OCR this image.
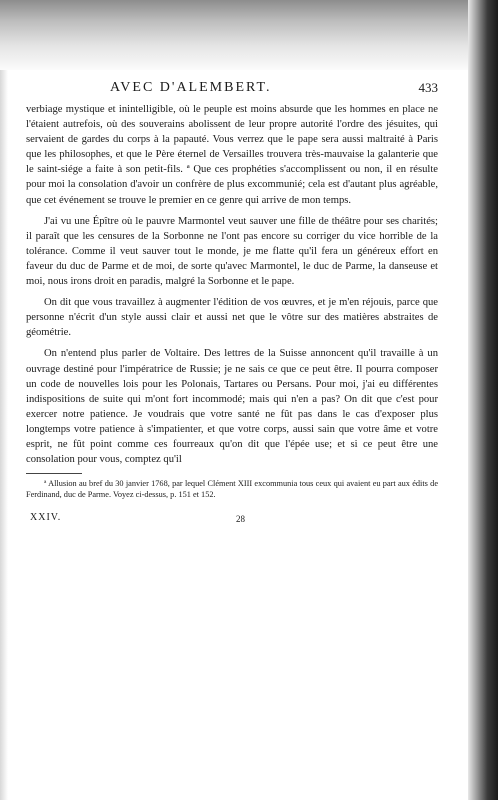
AVEC D'ALEMBERT.	433

verbiage mystique et inintelligible, où le peuple est moins absurde que les hommes en place ne l'étaient autrefois, où des souverains abolissent de leur propre autorité l'ordre des jésuites, qui servaient de gardes du corps à la papauté. Vous verrez que le pape sera aussi maltraité à Paris que les philosophes, et que le Père éternel de Versailles trouvera très-mauvaise la galanterie que le saint-siége a faite à son petit-fils. ª Que ces prophéties s'accomplissent ou non, il en résulte pour moi la consolation d'avoir un confrère de plus excommunié; cela est d'autant plus agréable, que cet événement se trouve le premier en ce genre qui arrive de mon temps.

J'ai vu une Épître où le pauvre Marmontel veut sauver une fille de théâtre pour ses charités; il paraît que les censures de la Sorbonne ne l'ont pas encore su corriger du vice horrible de la tolérance. Comme il veut sauver tout le monde, je me flatte qu'il fera un généreux effort en faveur du duc de Parme et de moi, de sorte qu'avec Marmontel, le duc de Parme, la danseuse et moi, nous irons droit en paradis, malgré la Sorbonne et le pape.

On dit que vous travaillez à augmenter l'édition de vos œuvres, et je m'en réjouis, parce que personne n'écrit d'un style aussi clair et aussi net que le vôtre sur des matières abstraites de géométrie.

On n'entend plus parler de Voltaire. Des lettres de la Suisse annoncent qu'il travaille à un ouvrage destiné pour l'impératrice de Russie; je ne sais ce que ce peut être. Il pourra composer un code de nouvelles lois pour les Polonais, Tartares ou Persans. Pour moi, j'ai eu différentes indispositions de suite qui m'ont fort incommodé; mais qui n'en a pas? On dit que c'est pour exercer notre patience. Je voudrais que votre santé ne fût pas dans le cas d'exposer plus longtemps votre patience à s'impatienter, et que votre corps, aussi sain que votre âme et votre esprit, ne fût point comme ces fourreaux qu'on dit que l'épée use; et si ce peut être une consolation pour vous, comptez qu'il

ª Allusion au bref du 30 janvier 1768, par lequel Clément XIII excommunia tous ceux qui avaient eu part aux édits de Ferdinand, duc de Parme. Voyez ci-dessus, p. 151 et 152.

XXIV.	28
